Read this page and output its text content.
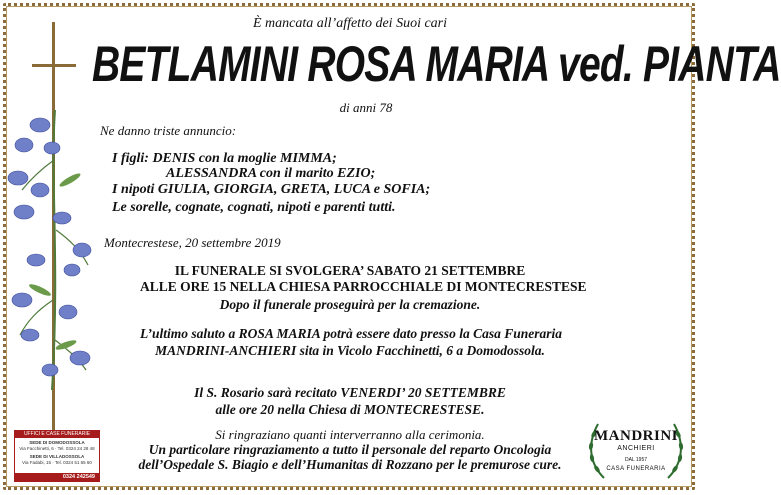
È mancata all’affetto dei Suoi cari
BETLAMINI ROSA MARIA ved. PIANTA
di anni 78
Ne danno triste annuncio:
I figli: DENIS con la moglie MIMMA;
ALESSANDRA con il marito EZIO;
I nipoti GIULIA, GIORGIA, GRETA, LUCA e SOFIA;
Le sorelle, cognate, cognati, nipoti e parenti tutti.
Montecrestese, 20 settembre 2019
IL FUNERALE SI SVOLGERA’ SABATO 21 SETTEMBRE
ALLE ORE 15 NELLA CHIESA PARROCCHIALE DI MONTECRESTESE
Dopo il funerale proseguirà per la cremazione.
L’ultimo saluto a ROSA MARIA potrà essere dato presso la Casa Funeraria
MANDRINI-ANCHIERI sita in Vicolo Facchinetti, 6 a Domodossola.
Il S. Rosario sarà recitato VENERDI’ 20 SETTEMBRE
alle ore 20 nella Chiesa di MONTECRESTESE.
Si ringraziano quanti interverranno alla cerimonia.
Un particolare ringraziamento a tutto il personale del reparto Oncologia
dell’Ospedale S. Biagio e dell’Humanitas di Rozzano per le premurose cure.
UFFICI E CASE FUNERARIE
SEDE DI DOMODOSSOLA
Via Facchinetti, 6 · Tel. 0324 24 28 48
SEDE DI VILLADOSSOLA
Via Fadabi, 15 · Tel. 0324 51 65 60
0324 242549
MANDRINI
ANCHIERI
DAL 1957
CASA FUNERARIA
